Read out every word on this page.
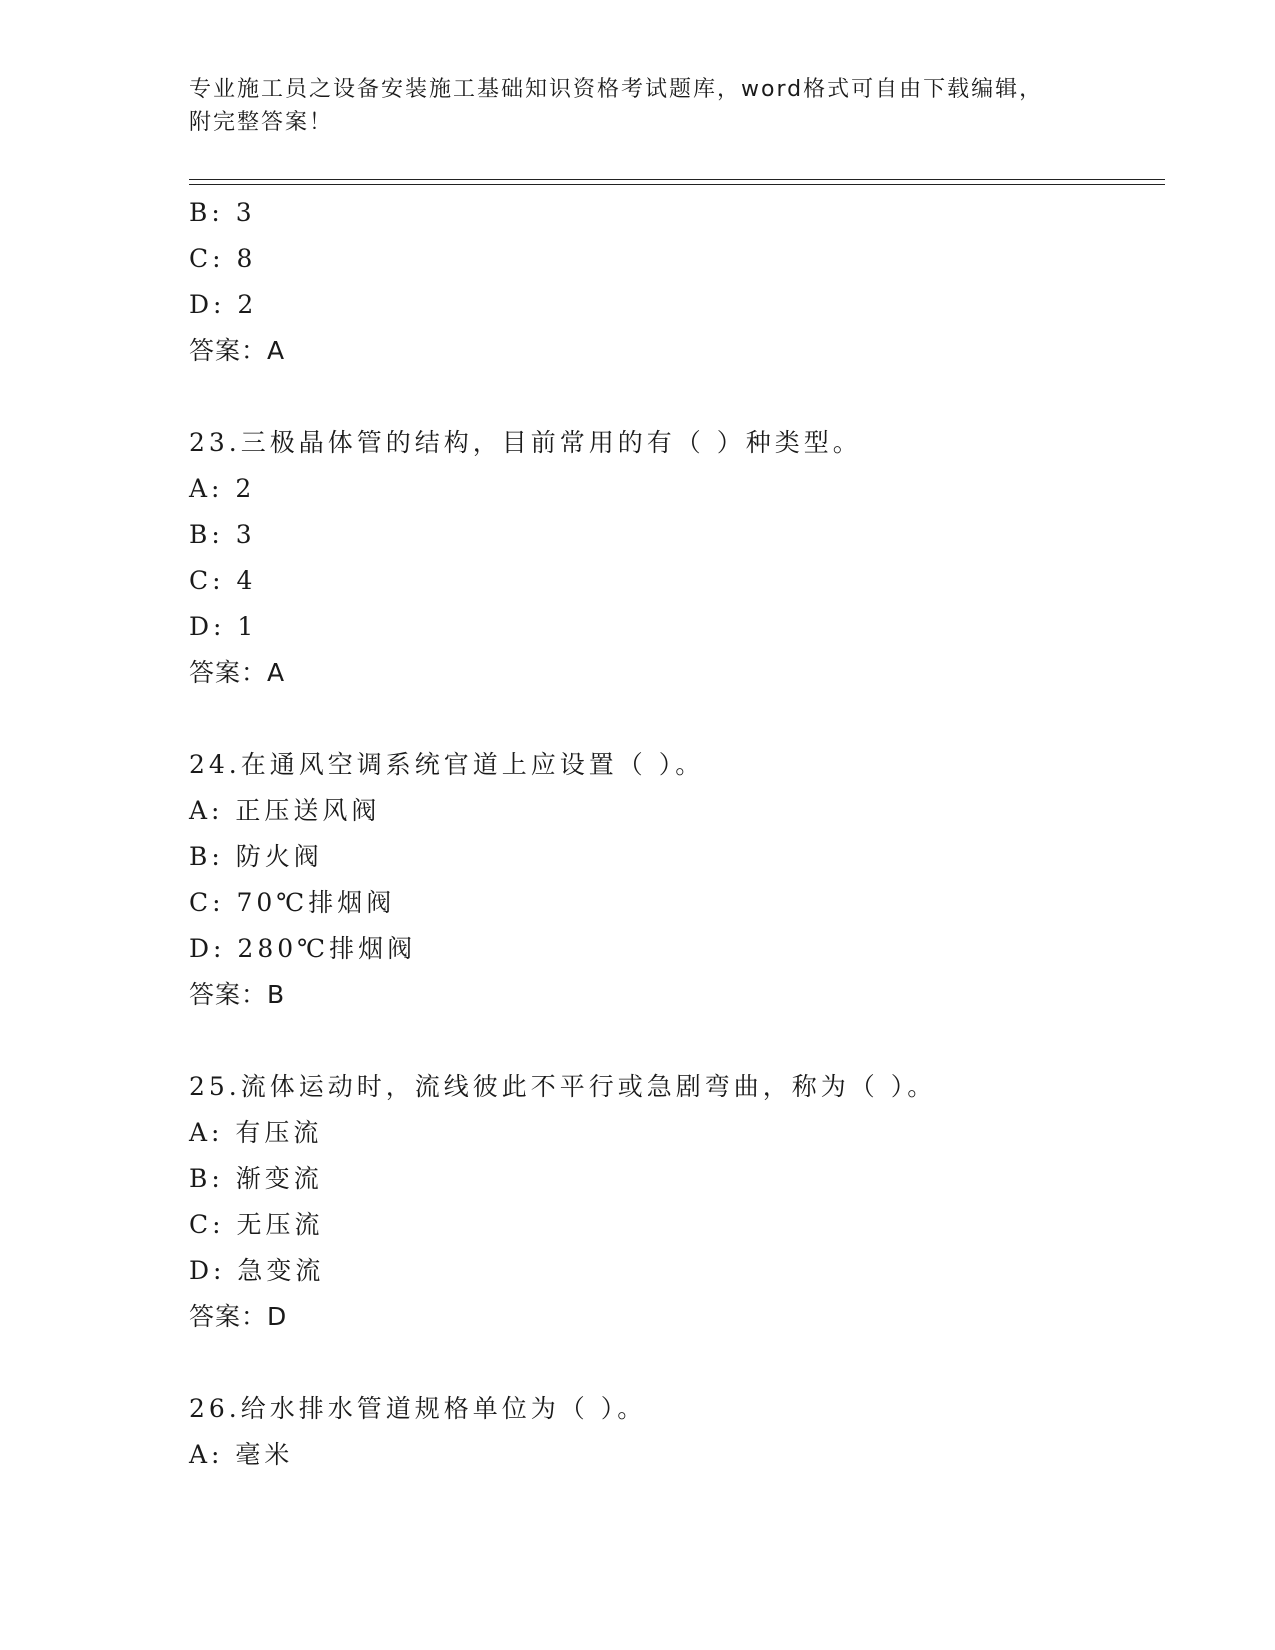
专业施工员之设备安装施工基础知识资格考试题库，word格式可自由下载编辑，
附完整答案！
B: 3
C: 8
D: 2
答案：A
23.三极晶体管的结构，目前常用的有（ ）种类型。
A: 2
B: 3
C: 4
D: 1
答案：A
24.在通风空调系统官道上应设置（ ）。
A: 正压送风阀
B: 防火阀
C: 70℃排烟阀
D: 280℃排烟阀
答案：B
25.流体运动时，流线彼此不平行或急剧弯曲，称为（ ）。
A: 有压流
B: 渐变流
C: 无压流
D: 急变流
答案：D
26.给水排水管道规格单位为（ ）。
A: 毫米
